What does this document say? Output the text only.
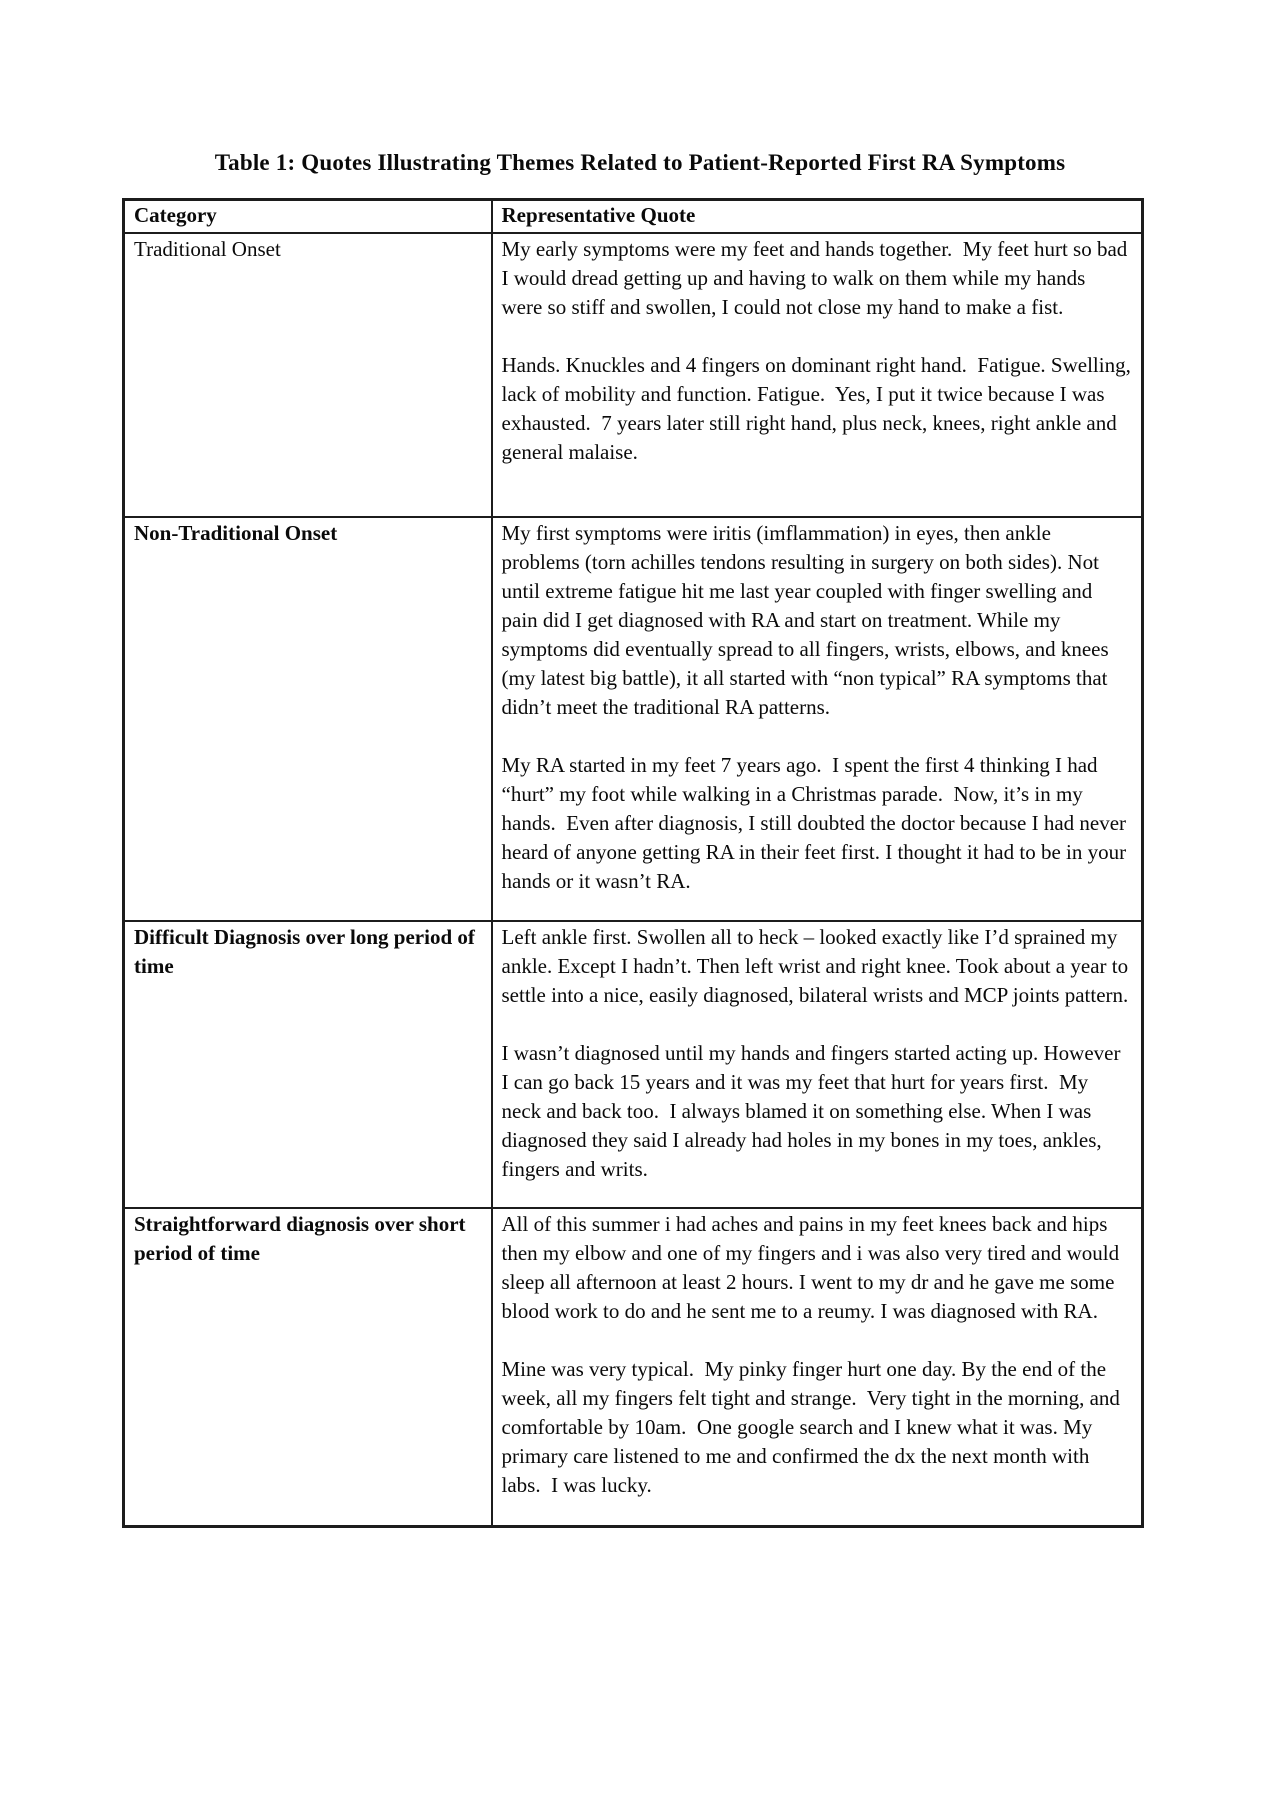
Table 1: Quotes Illustrating Themes Related to Patient-Reported First RA Symptoms
Category	Representative Quote
Traditional Onset	My early symptoms were my feet and hands together.  My feet hurt so bad I would dread getting up and having to walk on them while my hands were so stiff and swollen, I could not close my hand to make a fist.

Hands. Knuckles and 4 fingers on dominant right hand.  Fatigue. Swelling, lack of mobility and function. Fatigue.  Yes, I put it twice because I was exhausted.  7 years later still right hand, plus neck, knees, right ankle and general malaise.

Non-Traditional Onset	My first symptoms were iritis (imflammation) in eyes, then ankle problems (torn achilles tendons resulting in surgery on both sides). Not until extreme fatigue hit me last year coupled with finger swelling and pain did I get diagnosed with RA and start on treatment. While my symptoms did eventually spread to all fingers, wrists, elbows, and knees (my latest big battle), it all started with “non typical” RA symptoms that didn’t meet the traditional RA patterns.

My RA started in my feet 7 years ago.  I spent the first 4 thinking I had “hurt” my foot while walking in a Christmas parade.  Now, it’s in my hands.  Even after diagnosis, I still doubted the doctor because I had never heard of anyone getting RA in their feet first. I thought it had to be in your hands or it wasn’t RA.

Difficult Diagnosis over long period of time	Left ankle first. Swollen all to heck – looked exactly like I’d sprained my ankle. Except I hadn’t. Then left wrist and right knee. Took about a year to settle into a nice, easily diagnosed, bilateral wrists and MCP joints pattern.

I wasn’t diagnosed until my hands and fingers started acting up. However I can go back 15 years and it was my feet that hurt for years first.  My neck and back too.  I always blamed it on something else. When I was diagnosed they said I already had holes in my bones in my toes, ankles, fingers and writs.

Straightforward diagnosis over short period of time	All of this summer i had aches and pains in my feet knees back and hips then my elbow and one of my fingers and i was also very tired and would sleep all afternoon at least 2 hours. I went to my dr and he gave me some blood work to do and he sent me to a reumy. I was diagnosed with RA.

Mine was very typical.  My pinky finger hurt one day. By the end of the week, all my fingers felt tight and strange.  Very tight in the morning, and comfortable by 10am.  One google search and I knew what it was. My primary care listened to me and confirmed the dx the next month with labs.  I was lucky.
